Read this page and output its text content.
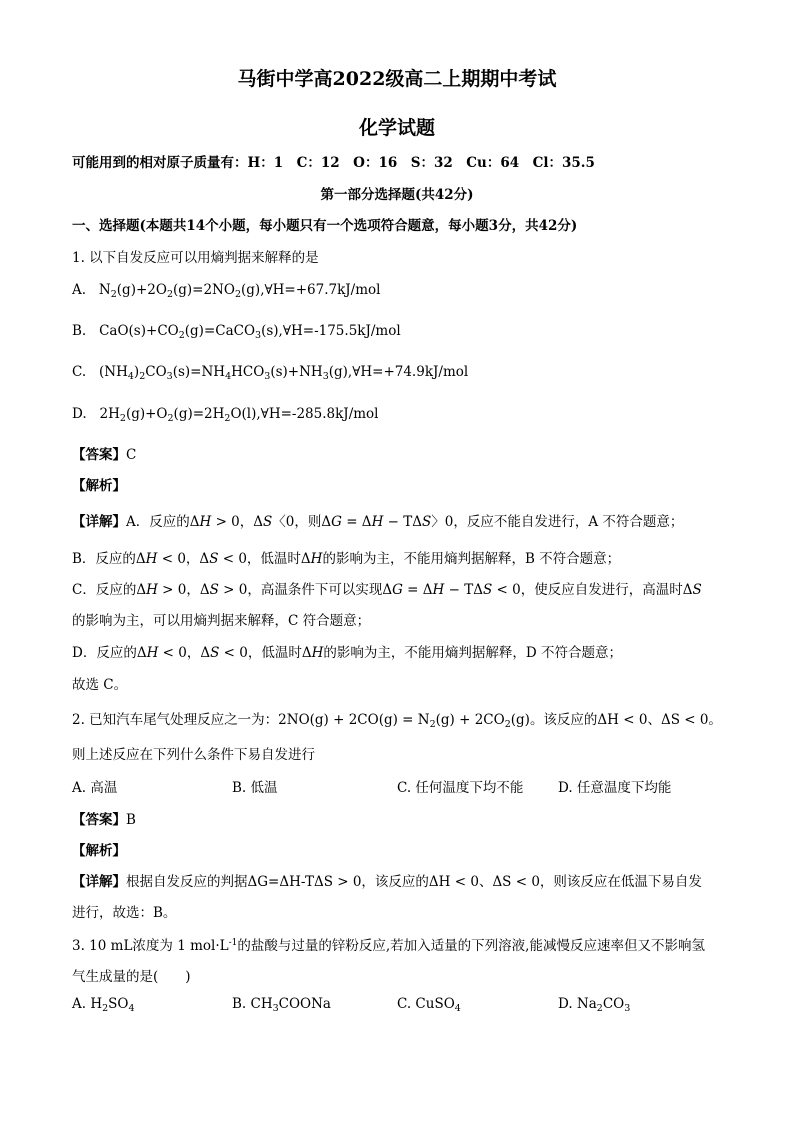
马街中学高2022级高二上期期中考试
化学试题
可能用到的相对原子质量有：H：1　C：12　O：16　S：32　Cu：64　Cl：35.5
第一部分选择题(共42分)
一、选择题(本题共14个小题，每小题只有一个选项符合题意，每小题3分，共42分)
1. 以下自发反应可以用熵判据来解释的是
A. $N_2(g)+2O_2(g)=2NO_2(g),\forall H=+67.7kJ$/mol
B. $CaO(s)+CO_2(g)=CaCO_3(s),\forall H=-175.5kJ$/mol
C. $(NH_4)_2CO_3(s)=NH_4HCO_3(s)+NH_3(g),\forall H=+74.9kJ$/mol
D. $2H_2(g)+O_2(g)=2H_2O(l),\forall H=-285.8kJ$/mol
【答案】C
【解析】
【详解】A．反应的ΔH > 0，ΔS〈0，则ΔG = ΔH − TΔS〉0，反应不能自发进行，A 不符合题意；
B．反应的ΔH < 0，ΔS < 0，低温时ΔH的影响为主，不能用熵判据解释，B 不符合题意；
C．反应的ΔH > 0，ΔS > 0，高温条件下可以实现ΔG = ΔH − TΔS < 0，使反应自发进行，高温时ΔS
的影响为主，可以用熵判据来解释，C 符合题意；
D．反应的ΔH < 0，ΔS < 0，低温时ΔH的影响为主，不能用熵判据解释，D 不符合题意；
故选 C。
2. 已知汽车尾气处理反应之一为：$2NO(g) + 2CO(g) = N_2(g) + 2CO_2(g)$。该反应的ΔH < 0、ΔS < 0。
则上述反应在下列什么条件下易自发进行
A. 高温	B. 低温	C. 任何温度下均不能	D. 任意温度下均能
【答案】B
【解析】
【详解】根据自发反应的判据ΔG=ΔH-TΔS > 0，该反应的ΔH < 0、ΔS < 0，则该反应在低温下易自发
进行，故选：B。
3. 10 mL浓度为 1 $mol\cdot L^{-1}$的盐酸与过量的锌粉反应,若加入适量的下列溶液,能减慢反应速率但又不影响氢
气生成量的是(　　)
A. $H_2SO_4$	B. $CH_3COONa$	C. CuSO$_4$	D. $Na_2CO_3$
